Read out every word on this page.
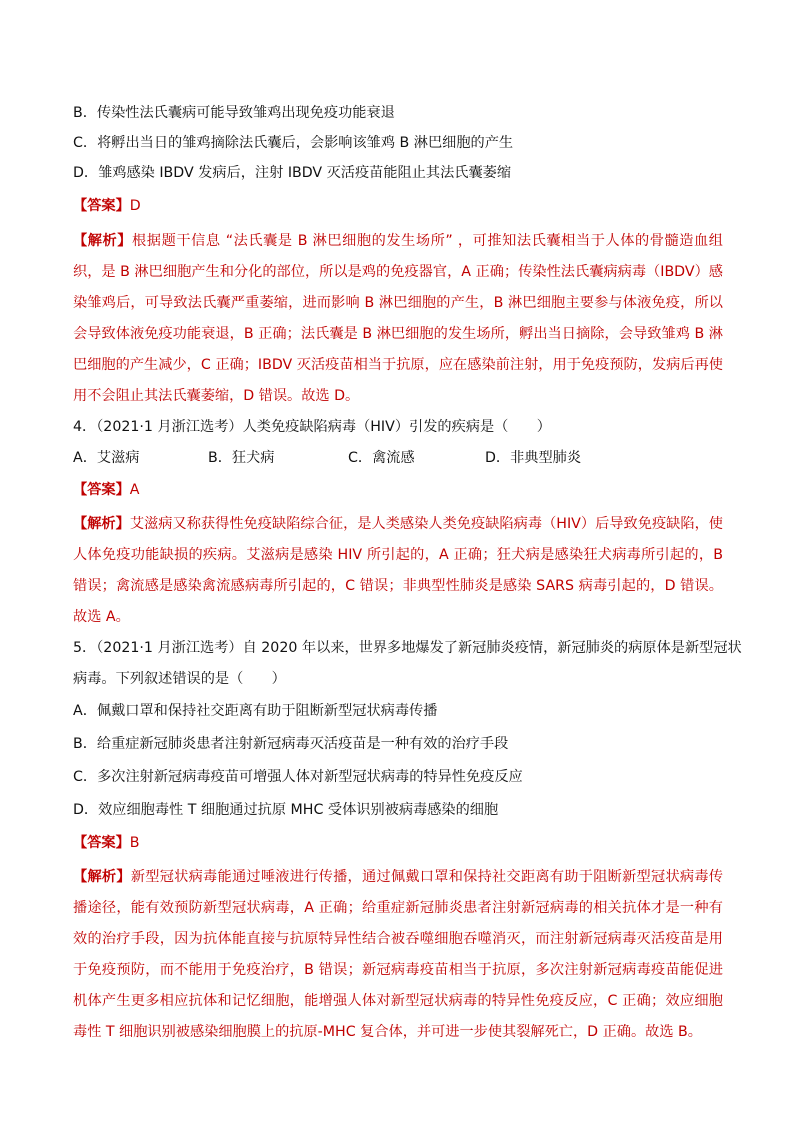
B．传染性法氏囊病可能导致雏鸡出现免疫功能衰退
C．将孵出当日的雏鸡摘除法氏囊后，会影响该雏鸡 B 淋巴细胞的产生
D．雏鸡感染 IBDV 发病后，注射 IBDV 灭活疫苗能阻止其法氏囊萎缩
【答案】D
【解析】根据题干信息 “法氏囊是 B 淋巴细胞的发生场所” ，可推知法氏囊相当于人体的骨髓造血组织，是 B 淋巴细胞产生和分化的部位，所以是鸡的免疫器官，A 正确；传染性法氏囊病病毒（IBDV）感染雏鸡后，可导致法氏囊严重萎缩，进而影响 B 淋巴细胞的产生，B 淋巴细胞主要参与体液免疫，所以会导致体液免疫功能衰退，B 正确；法氏囊是 B 淋巴细胞的发生场所，孵出当日摘除，会导致雏鸡 B 淋巴细胞的产生减少，C 正确；IBDV 灭活疫苗相当于抗原，应在感染前注射，用于免疫预防，发病后再使用不会阻止其法氏囊萎缩，D 错误。故选 D。
4．（2021·1 月浙江选考）人类免疫缺陷病毒（HIV）引发的疾病是（　　）
A．艾滋病	B．狂犬病	C．禽流感	D．非典型肺炎
【答案】A
【解析】艾滋病又称获得性免疫缺陷综合征，是人类感染人类免疫缺陷病毒（HIV）后导致免疫缺陷，使人体免疫功能缺损的疾病。艾滋病是感染 HIV 所引起的，A 正确；狂犬病是感染狂犬病毒所引起的，B 错误；禽流感是感染禽流感病毒所引起的，C 错误；非典型性肺炎是感染 SARS 病毒引起的，D 错误。故选 A。
5．（2021·1 月浙江选考）自 2020 年以来，世界多地爆发了新冠肺炎疫情，新冠肺炎的病原体是新型冠状
病毒。下列叙述错误的是（　　）
A．佩戴口罩和保持社交距离有助于阻断新型冠状病毒传播
B．给重症新冠肺炎患者注射新冠病毒灭活疫苗是一种有效的治疗手段
C．多次注射新冠病毒疫苗可增强人体对新型冠状病毒的特异性免疫反应
D．效应细胞毒性 T 细胞通过抗原 MHC 受体识别被病毒感染的细胞
【答案】B
【解析】新型冠状病毒能通过唾液进行传播，通过佩戴口罩和保持社交距离有助于阻断新型冠状病毒传播途径，能有效预防新型冠状病毒，A 正确；给重症新冠肺炎患者注射新冠病毒的相关抗体才是一种有效的治疗手段，因为抗体能直接与抗原特异性结合被吞噬细胞吞噬消灭，而注射新冠病毒灭活疫苗是用于免疫预防，而不能用于免疫治疗，B 错误；新冠病毒疫苗相当于抗原，多次注射新冠病毒疫苗能促进机体产生更多相应抗体和记忆细胞，能增强人体对新型冠状病毒的特异性免疫反应，C 正确；效应细胞毒性 T 细胞识别被感染细胞膜上的抗原-MHC 复合体，并可进一步使其裂解死亡，D 正确。故选 B。
